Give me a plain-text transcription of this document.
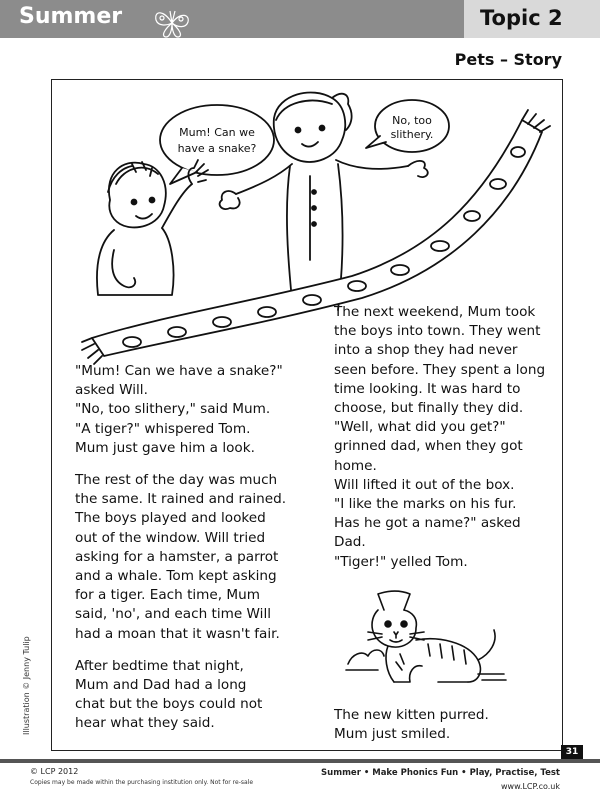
Summer	Topic 2
Pets – Story
Mum! Can we
have a snake?
No, too
slithery.

"Mum! Can we have a snake?"
asked Will.
"No, too slithery," said Mum.
"A tiger?" whispered Tom.
Mum just gave him a look.

The rest of the day was much
the same. It rained and rained.
The boys played and looked
out of the window. Will tried
asking for a hamster, a parrot
and a whale. Tom kept asking
for a tiger. Each time, Mum
said, 'no', and each time Will
had a moan that it wasn't fair.

After bedtime that night,
Mum and Dad had a long
chat but the boys could not
hear what they said.

The next weekend, Mum took
the boys into town. They went
into a shop they had never
seen before. They spent a long
time looking. It was hard to
choose, but finally they did.
"Well, what did you get?"
grinned dad, when they got
home.
Will lifted it out of the box.
"I like the marks on his fur.
Has he got a name?" asked
Dad.
"Tiger!" yelled Tom.

The new kitten purred.
Mum just smiled.

Illustration © Jenny Tulip
31
© LCP 2012
Copies may be made within the purchasing institution only. Not for re-sale
Summer • Make Phonics Fun • Play, Practise, Test
www.LCP.co.uk
